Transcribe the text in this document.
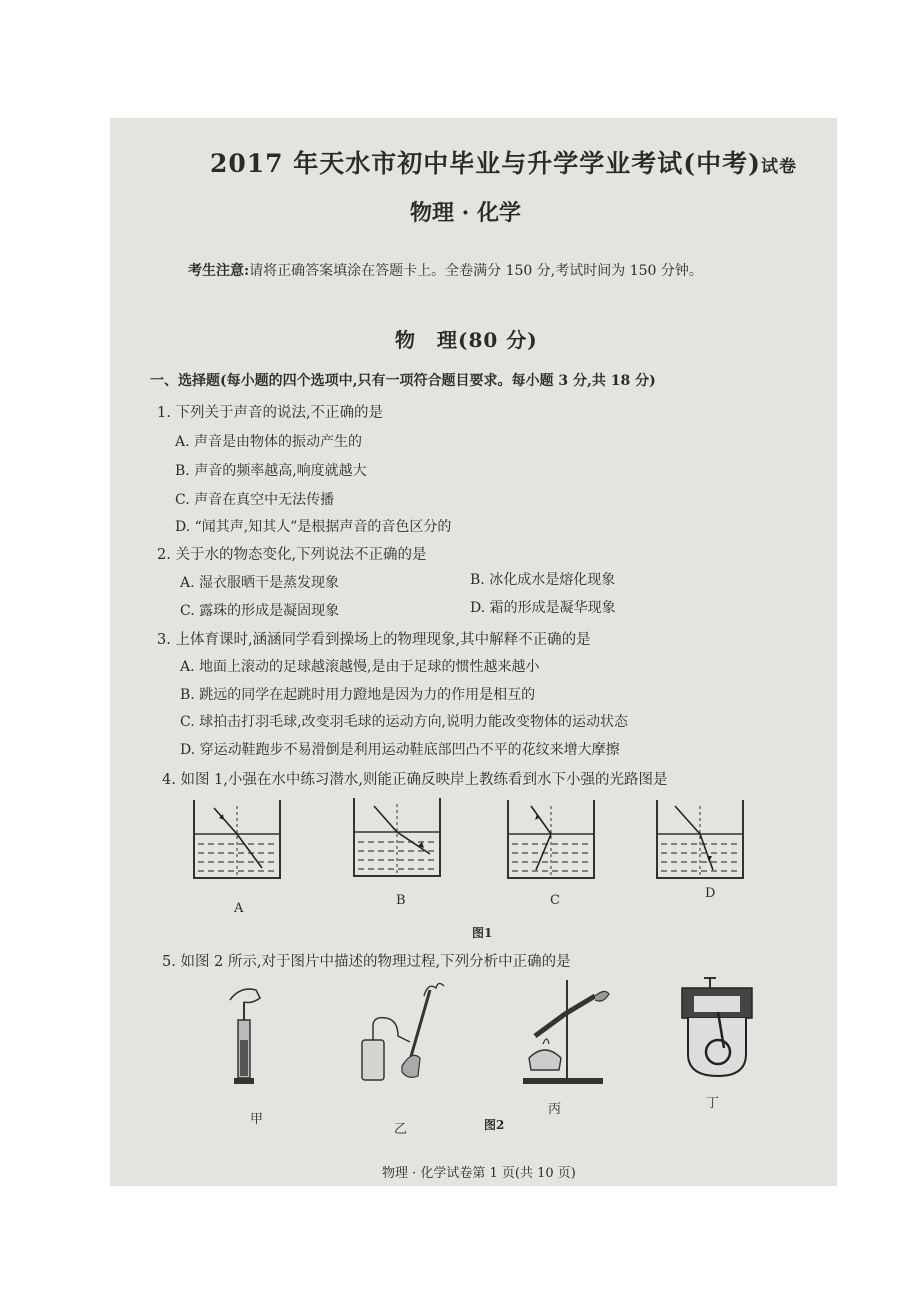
2017 年天水市初中毕业与升学学业考试(中考)试卷
物理 · 化学
考生注意:请将正确答案填涂在答题卡上。全卷满分 150 分,考试时间为 150 分钟。
物　理(80 分)
一、选择题(每小题的四个选项中,只有一项符合题目要求。每小题 3 分,共 18 分)
1. 下列关于声音的说法,不正确的是
A. 声音是由物体的振动产生的
B. 声音的频率越高,响度就越大
C. 声音在真空中无法传播
D. “闻其声,知其人”是根据声音的音色区分的
2. 关于水的物态变化,下列说法不正确的是
A. 湿衣服晒干是蒸发现象	B. 冰化成水是熔化现象
C. 露珠的形成是凝固现象	D. 霜的形成是凝华现象
3. 上体育课时,涵涵同学看到操场上的物理现象,其中解释不正确的是
A. 地面上滚动的足球越滚越慢,是由于足球的惯性越来越小
B. 跳远的同学在起跳时用力蹬地是因为力的作用是相互的
C. 球拍击打羽毛球,改变羽毛球的运动方向,说明力能改变物体的运动状态
D. 穿运动鞋跑步不易滑倒是利用运动鞋底部凹凸不平的花纹来增大摩擦
4. 如图 1,小强在水中练习潜水,则能正确反映岸上教练看到水下小强的光路图是
A
B	C	D
图1
5. 如图 2 所示,对于图片中描述的物理过程,下列分析中正确的是
甲
乙
丙	丁
图2
物理 · 化学试卷第 1 页(共 10 页)
